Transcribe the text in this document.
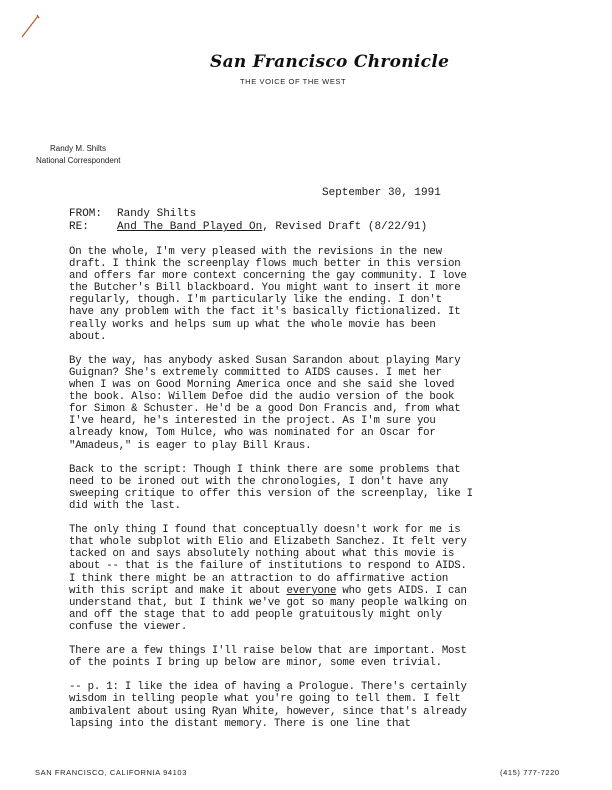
San Francisco Chronicle
THE VOICE OF THE WEST
Randy M. Shilts
National Correspondent
September 30, 1991
FROM: Randy Shilts
RE:	And The Band Played On, Revised Draft (8/22/91)
On the whole, I'm very pleased with the revisions in the new
draft. I think the screenplay flows much better in this version
and offers far more context concerning the gay community. I love
the Butcher's Bill blackboard. You might want to insert it more
regularly, though. I'm particularly like the ending. I don't
have any problem with the fact it's basically fictionalized. It
really works and helps sum up what the whole movie has been
about.
By the way, has anybody asked Susan Sarandon about playing Mary
Guignan? She's extremely committed to AIDS causes. I met her
when I was on Good Morning America once and she said she loved
the book. Also: Willem Defoe did the audio version of the book
for Simon & Schuster. He'd be a good Don Francis and, from what
I've heard, he's interested in the project. As I'm sure you
already know, Tom Hulce, who was nominated for an Oscar for
"Amadeus," is eager to play Bill Kraus.
Back to the script: Though I think there are some problems that
need to be ironed out with the chronologies, I don't have any
sweeping critique to offer this version of the screenplay, like I
did with the last.
The only thing I found that conceptually doesn't work for me is
that whole subplot with Elio and Elizabeth Sanchez. It felt very
tacked on and says absolutely nothing about what this movie is
about -- that is the failure of institutions to respond to AIDS.
I think there might be an attraction to do affirmative action
with this script and make it about everyone who gets AIDS. I can
understand that, but I think we've got so many people walking on
and off the stage that to add people gratuitously might only
confuse the viewer.
There are a few things I'll raise below that are important. Most
of the points I bring up below are minor, some even trivial.
-- p. 1: I like the idea of having a Prologue. There's certainly
wisdom in telling people what you're going to tell them. I felt
ambivalent about using Ryan White, however, since that's already
lapsing into the distant memory. There is one line that
SAN FRANCISCO, CALIFORNIA 94103	(415) 777-7220
